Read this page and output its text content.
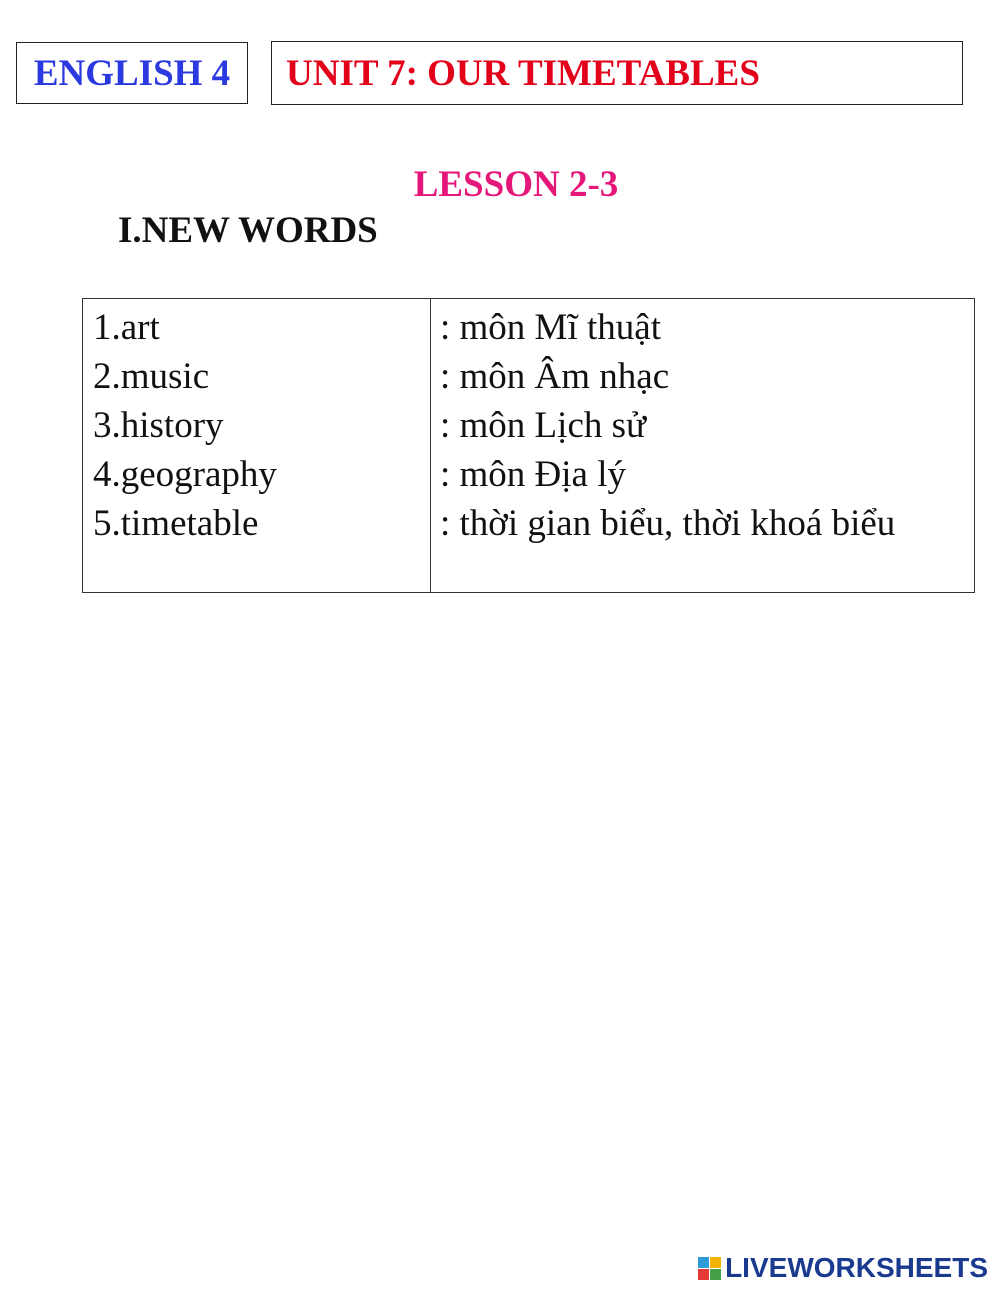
ENGLISH 4 UNIT 7: OUR TIMETABLES
LESSON 2-3
I.NEW WORDS
1.art
2.music
3.history
4.geography
5.timetable
: môn Mĩ thuật
: môn Âm nhạc
: môn Lịch sử
: môn Địa lý
: thời gian biểu, thời khoá biểu
LIVEWORKSHEETS
